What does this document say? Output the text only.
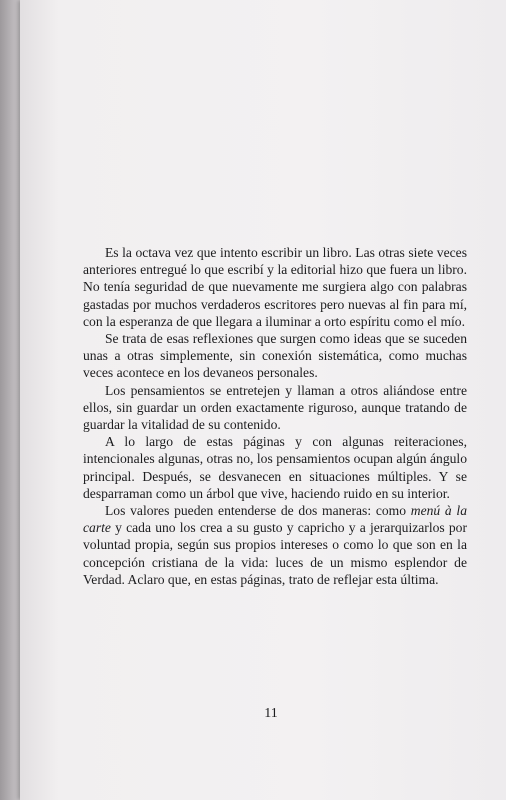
Es la octava vez que intento escribir un libro. Las otras siete veces anteriores entregué lo que escribí y la editorial hizo que fuera un libro. No tenía seguridad de que nuevamente me surgiera algo con palabras gastadas por muchos verdaderos escritores pero nuevas al fin para mí, con la esperanza de que llegara a iluminar a orto espíritu como el mío.

Se trata de esas reflexiones que surgen como ideas que se suceden unas a otras simplemente, sin conexión sistemática, como muchas veces acontece en los devaneos personales.

Los pensamientos se entretejen y llaman a otros aliándose entre ellos, sin guardar un orden exactamente riguroso, aunque tratando de guardar la vitalidad de su contenido.

A lo largo de estas páginas y con algunas reiteraciones, intencionales algunas, otras no, los pensamientos ocupan algún ángulo principal. Después, se desvanecen en situaciones múltiples. Y se desparraman como un árbol que vive, haciendo ruido en su interior.

Los valores pueden entenderse de dos maneras: como menú à la carte y cada uno los crea a su gusto y capricho y a jerarquizarlos por voluntad propia, según sus propios intereses o como lo que son en la concepción cristiana de la vida: luces de un mismo esplendor de Verdad. Aclaro que, en estas páginas, trato de reflejar esta última.

11
